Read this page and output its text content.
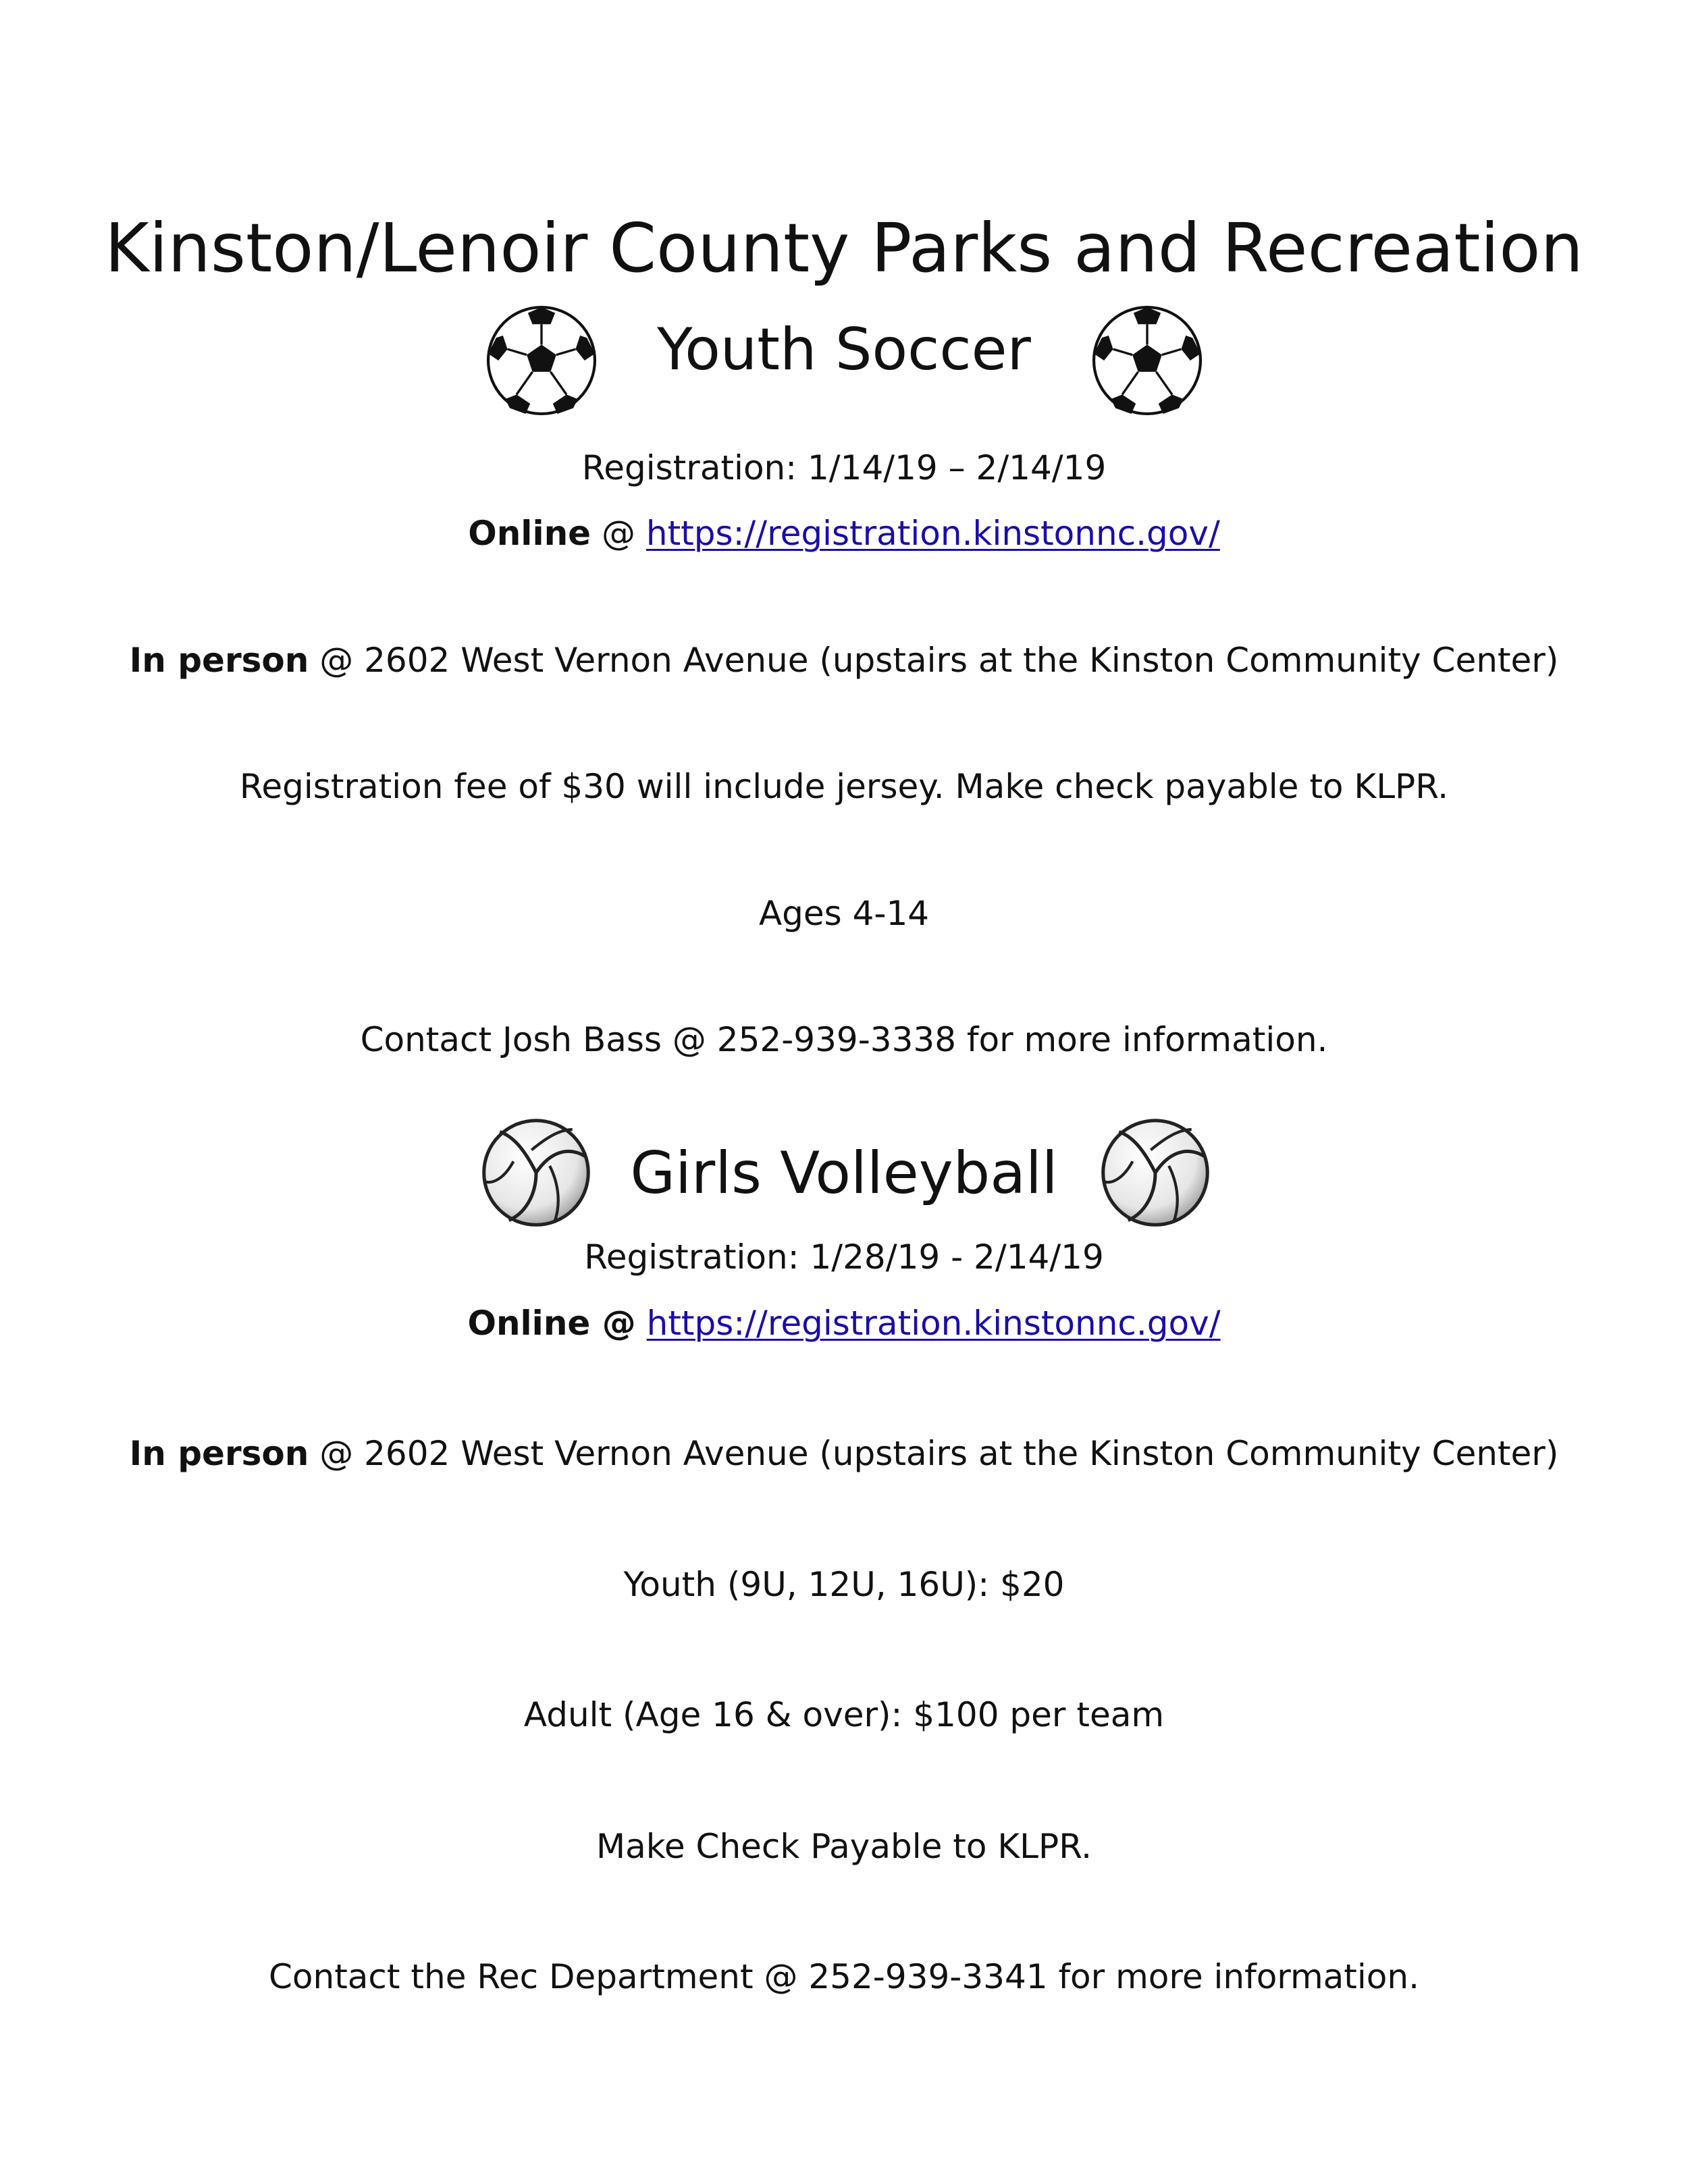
Kinston/Lenoir County Parks and Recreation
Youth Soccer
Registration: 1/14/19 – 2/14/19
Online @ https://registration.kinstonnc.gov/
In person @ 2602 West Vernon Avenue (upstairs at the Kinston Community Center)
Registration fee of $30 will include jersey. Make check payable to KLPR.
Ages 4-14
Contact Josh Bass @ 252-939-3338 for more information.
Girls Volleyball
Registration: 1/28/19 - 2/14/19
Online @ https://registration.kinstonnc.gov/
In person @ 2602 West Vernon Avenue (upstairs at the Kinston Community Center)
Youth (9U, 12U, 16U): $20
Adult (Age 16 & over): $100 per team
Make Check Payable to KLPR.
Contact the Rec Department @ 252-939-3341 for more information.
